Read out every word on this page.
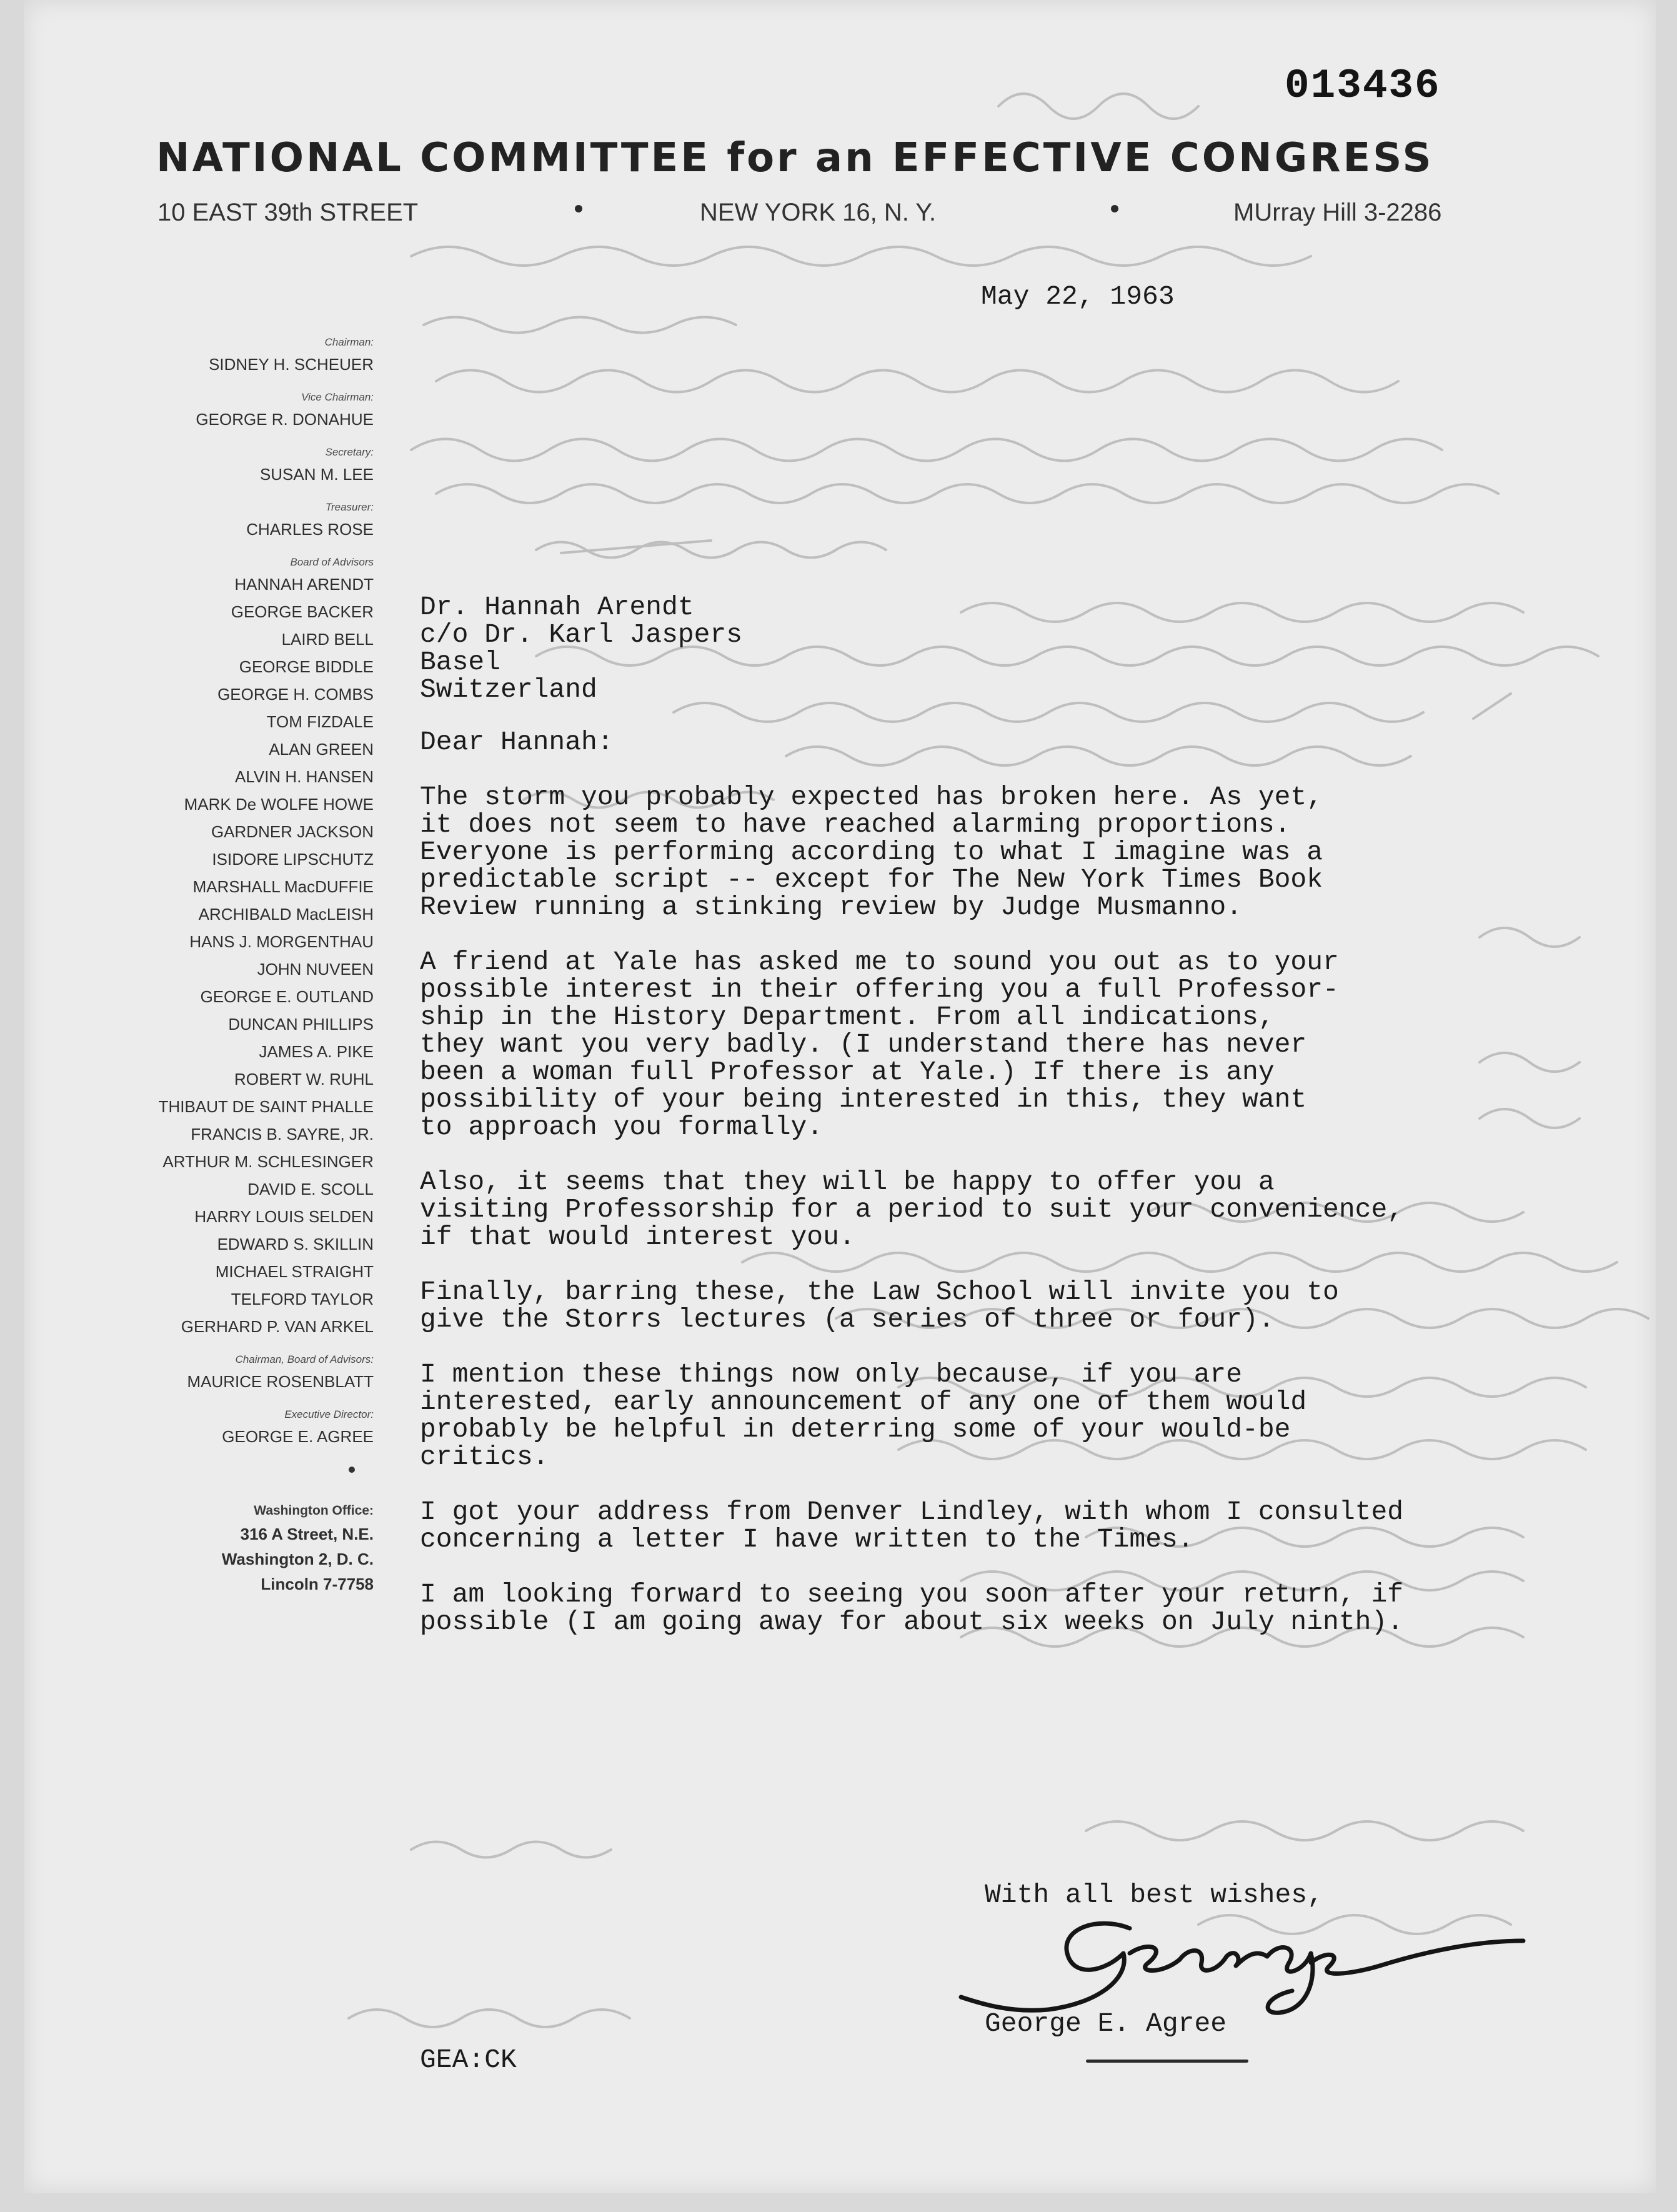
013436

NATIONAL COMMITTEE for an EFFECTIVE CONGRESS
10 EAST 39th STREET	NEW YORK 16, N. Y.	MUrray Hill 3-2286
May 22, 1963
Chairman:
SIDNEY H. SCHEUER
Vice Chairman:
GEORGE R. DONAHUE
Secretary:
SUSAN M. LEE
Treasurer:
CHARLES ROSE
Board of Advisors
HANNAH ARENDT
GEORGE BACKER
LAIRD BELL
GEORGE BIDDLE
GEORGE H. COMBS
TOM FIZDALE
ALAN GREEN
ALVIN H. HANSEN
MARK De WOLFE HOWE
GARDNER JACKSON
ISIDORE LIPSCHUTZ
MARSHALL MacDUFFIE
ARCHIBALD MacLEISH
HANS J. MORGENTHAU
JOHN NUVEEN
GEORGE E. OUTLAND
DUNCAN PHILLIPS
JAMES A. PIKE
ROBERT W. RUHL
THIBAUT DE SAINT PHALLE
FRANCIS B. SAYRE, JR.
ARTHUR M. SCHLESINGER
DAVID E. SCOLL
HARRY LOUIS SELDEN
EDWARD S. SKILLIN
MICHAEL STRAIGHT
TELFORD TAYLOR
GERHARD P. VAN ARKEL
Chairman, Board of Advisors:
MAURICE ROSENBLATT
Executive Director:
GEORGE E. AGREE
Washington Office:
316 A Street, N.E.
Washington 2, D. C.
Lincoln 7-7758
Dr. Hannah Arendt
c/o Dr. Karl Jaspers
Basel
Switzerland
Dear Hannah:
The storm you probably expected has broken here. As yet,
it does not seem to have reached alarming proportions.
Everyone is performing according to what I imagine was a
predictable script -- except for The New York Times Book
Review running a stinking review by Judge Musmanno.
A friend at Yale has asked me to sound you out as to your
possible interest in their offering you a full Professor-
ship in the History Department. From all indications,
they want you very badly. (I understand there has never
been a woman full Professor at Yale.) If there is any
possibility of your being interested in this, they want
to approach you formally.
Also, it seems that they will be happy to offer you a
visiting Professorship for a period to suit your convenience,
if that would interest you.
Finally, barring these, the Law School will invite you to
give the Storrs lectures (a series of three or four).
I mention these things now only because, if you are
interested, early announcement of any one of them would
probably be helpful in deterring some of your would-be
critics.
I got your address from Denver Lindley, with whom I consulted
concerning a letter I have written to the Times.
I am looking forward to seeing you soon after your return, if
possible (I am going away for about six weeks on July ninth).

With all best wishes,

George E. Agree

GEA:CK
